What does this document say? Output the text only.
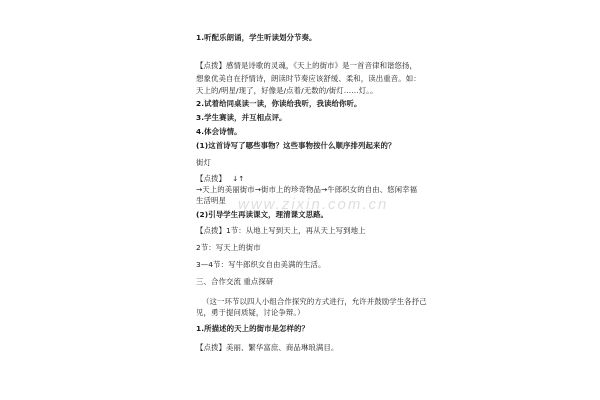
1.听配乐朗诵，学生听读划分节奏。
【点拨】感情是诗歌的灵魂，《天上的街市》是一首音律和谐悠扬，
想象优美自在抒情诗，朗读时节奏应该舒缓、柔和，读出重音。如：
天上的/明星/现了，好像是/点着/无数的/街灯……灯。。
2.试着给同桌读一读，你读给我听，我读给你听。
3.学生赛读，并互相点评。
4.体会诗情。
(1)这首诗写了哪些事物？这些事物按什么顺序排列起来的？
街灯
【点拨】 ↓↑
→天上的美丽街市→街市上的珍奇物品→牛郎织女的自由、悠闲幸福
生活明星
(2)引导学生再读课文，理清课文思路。
【点拨】1节：从地上写到天上，再从天上写到地上
2节：写天上的街市
3—4节：写牛郎织女自由美满的生活。
三、合作交流 重点探研
（这一环节以四人小组合作探究的方式进行，允许并鼓励学生各抒己
见，勇于提问质疑，讨论争辩。）
1.所描述的天上的街市是怎样的？
【点拨】美丽、繁华富庶、商品琳琅满目。
www.zixin.com.cn
